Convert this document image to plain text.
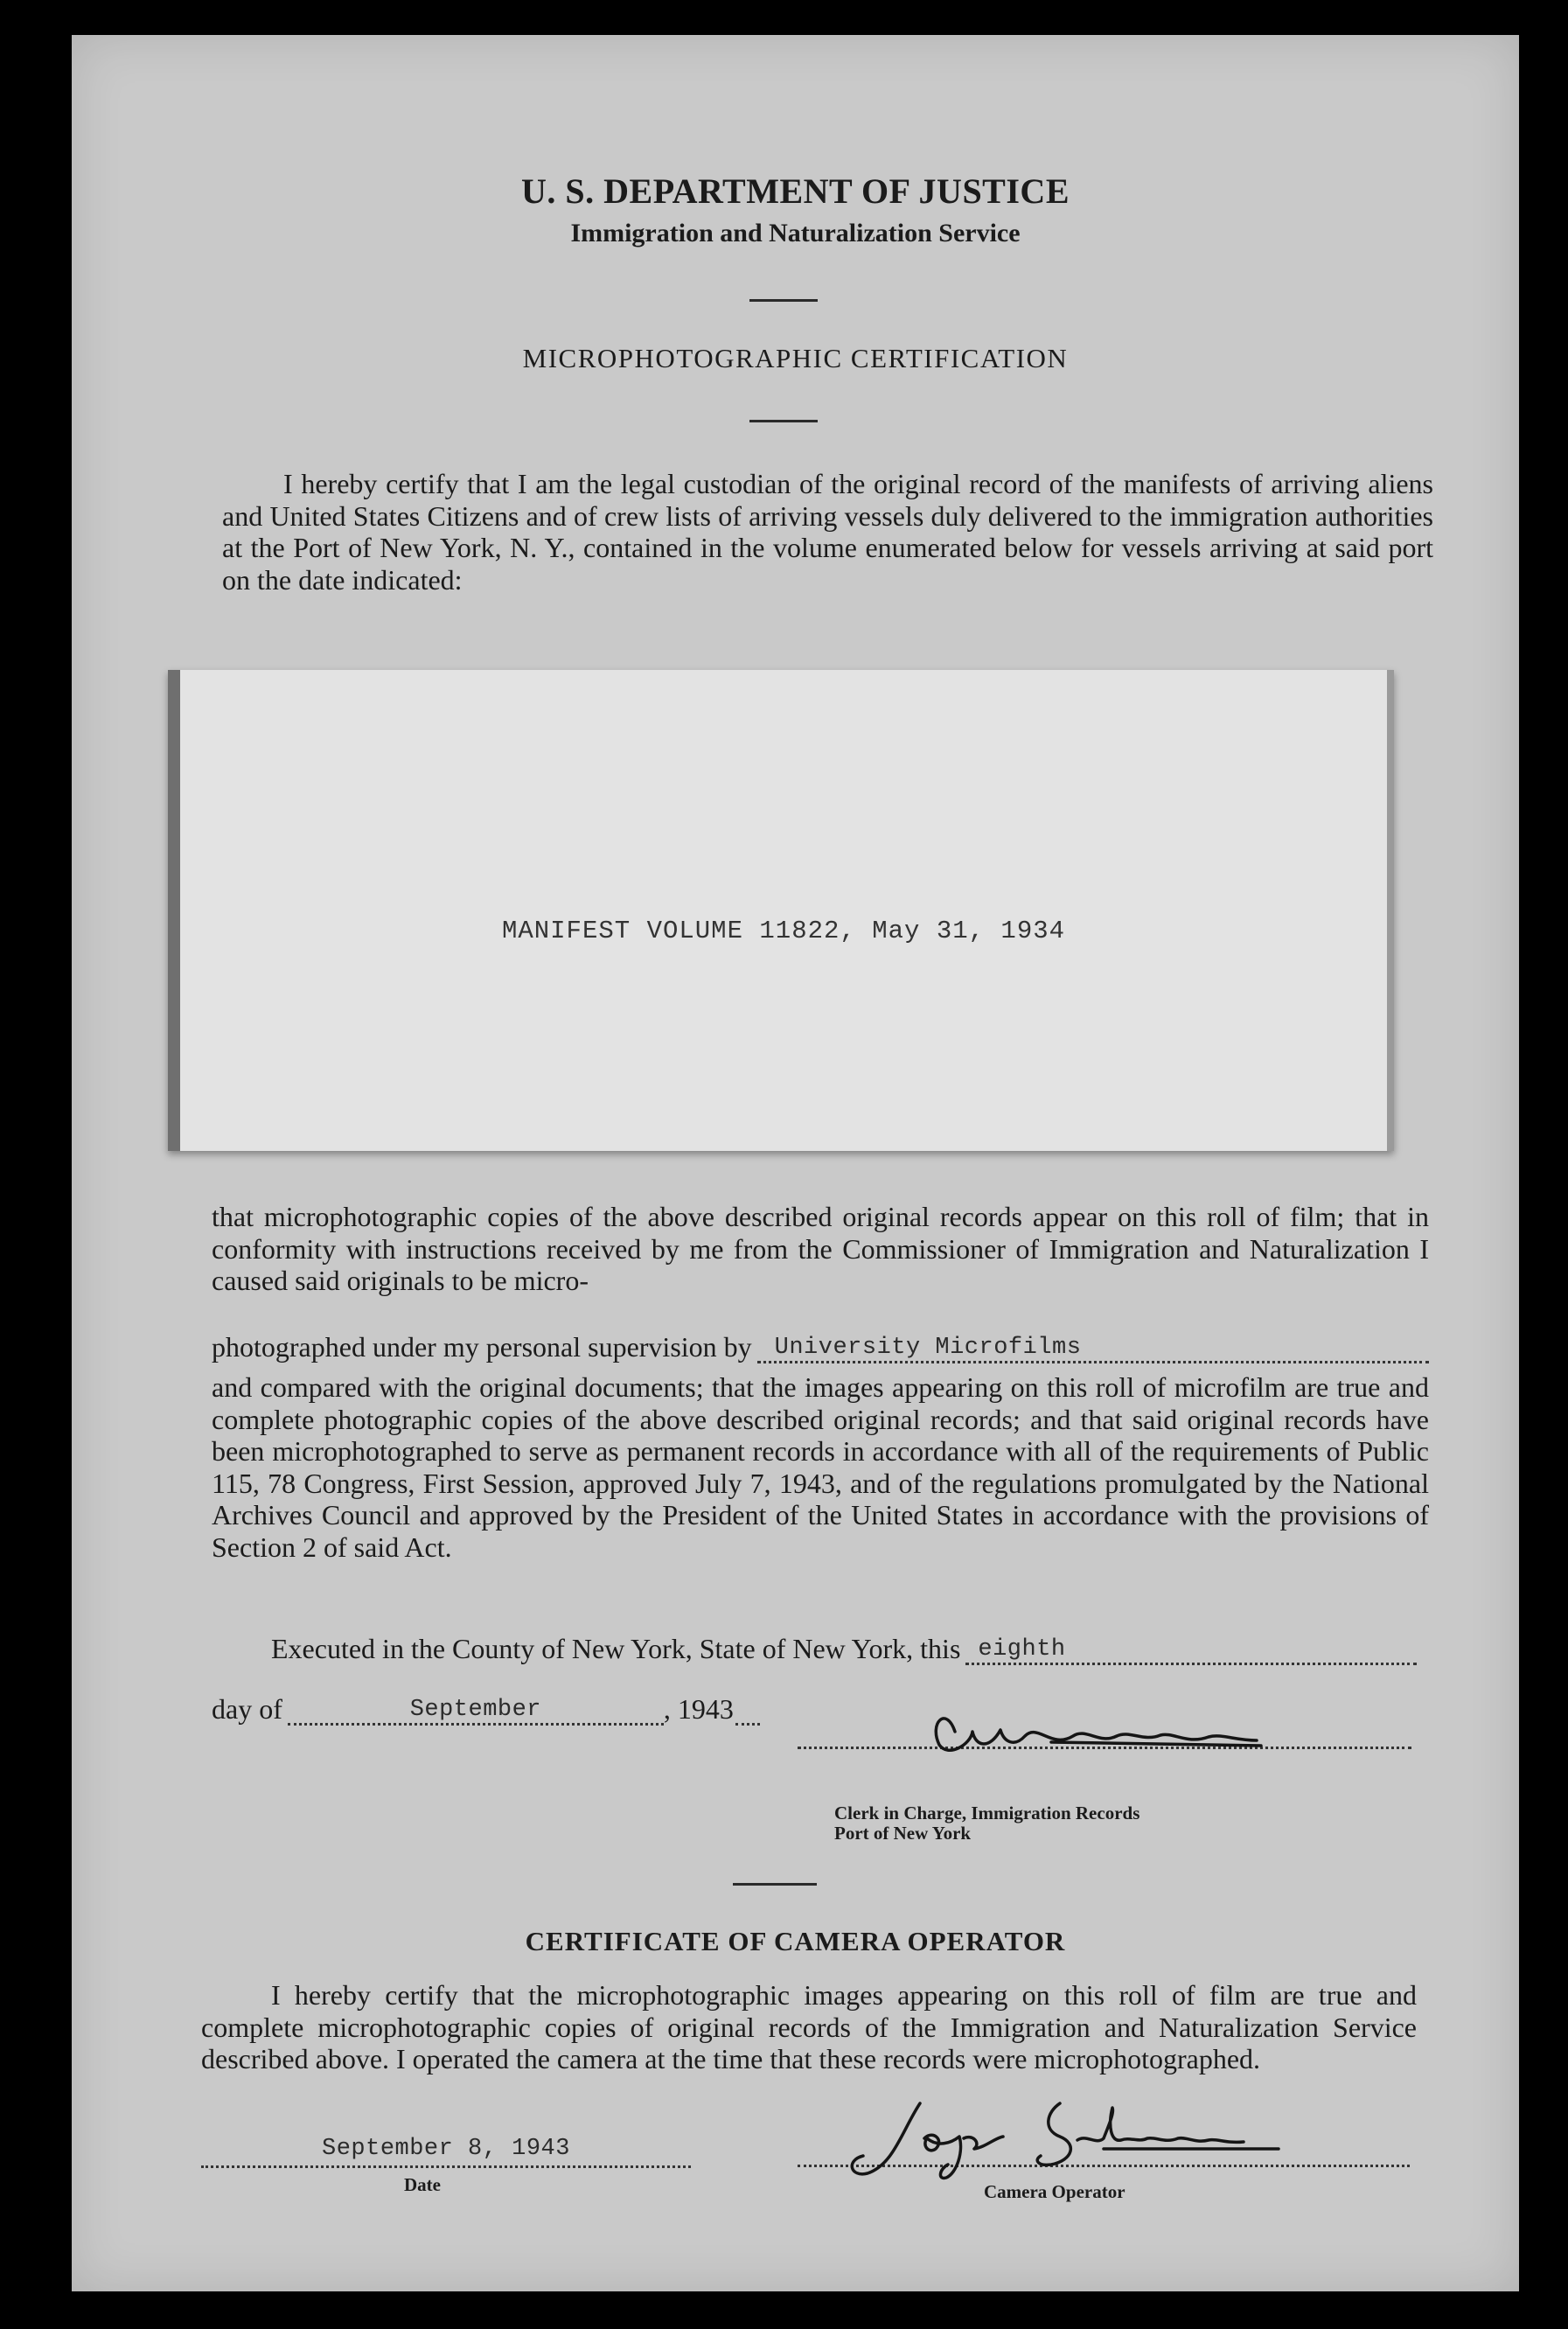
U. S. DEPARTMENT OF JUSTICE
Immigration and Naturalization Service
MICROPHOTOGRAPHIC CERTIFICATION
I hereby certify that I am the legal custodian of the original record of the manifests of arriving aliens and United States Citizens and of crew lists of arriving vessels duly delivered to the immigration authorities at the Port of New York, N. Y., contained in the volume enumerated below for vessels arriving at said port on the date indicated:
MANIFEST VOLUME 11822, May 31, 1934
that microphotographic copies of the above described original records appear on this roll of film; that in conformity with instructions received by me from the Commissioner of Immigration and Naturalization I caused said originals to be micro-
photographed under my personal supervision by University Microfilms
and compared with the original documents; that the images appearing on this roll of microfilm are true and complete photographic copies of the above described original records; and that said original records have been microphotographed to serve as permanent records in accordance with all of the requirements of Public 115, 78 Congress, First Session, approved July 7, 1943, and of the regulations promulgated by the National Archives Council and approved by the President of the United States in accordance with the provisions of Section 2 of said Act.
Executed in the County of New York, State of New York, this eighth
day of	September	, 1943
Clerk in Charge, Immigration Records
Port of New York
CERTIFICATE OF CAMERA OPERATOR
I hereby certify that the microphotographic images appearing on this roll of film are true and complete microphotographic copies of original records of the Immigration and Naturalization Service described above. I operated the camera at the time that these records were microphotographed.
September 8, 1943
Date	Camera Operator
